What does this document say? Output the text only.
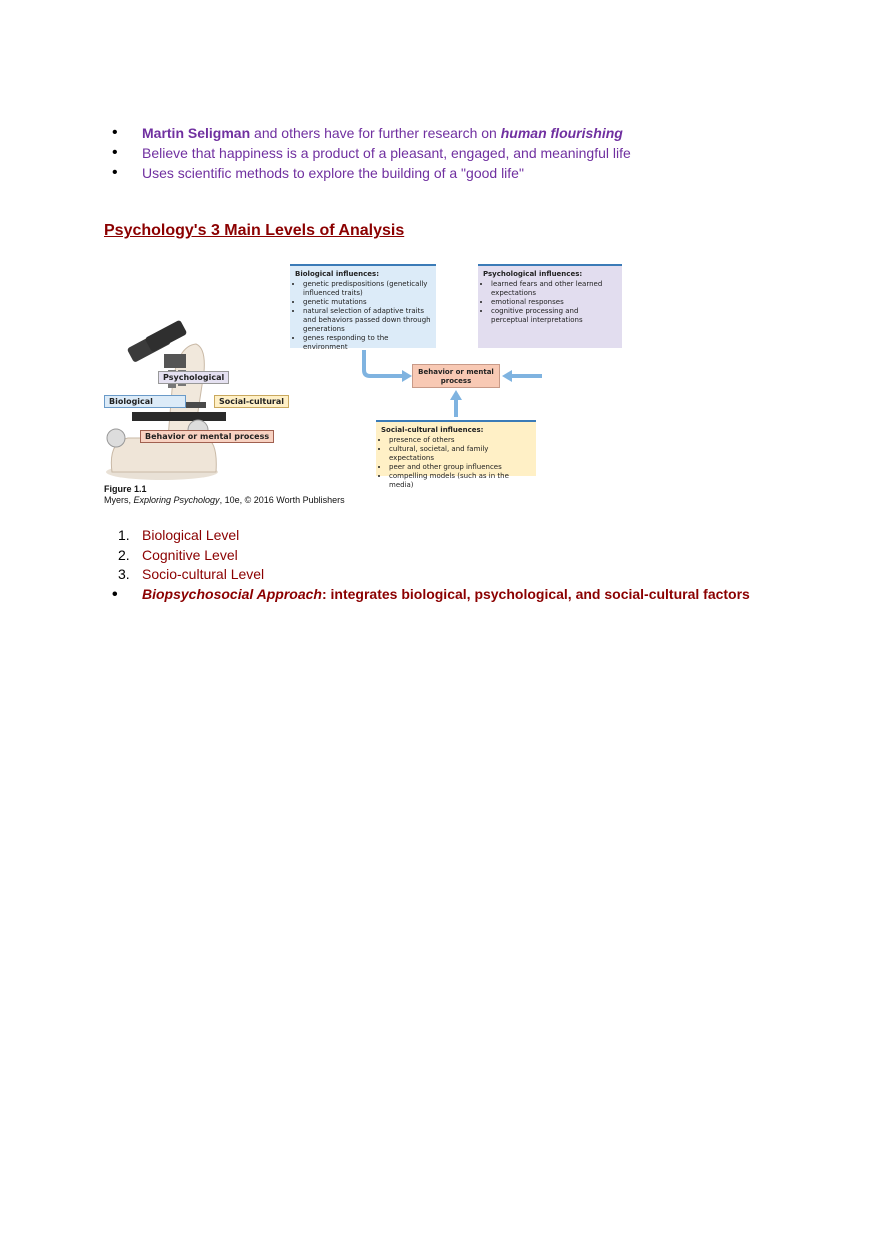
• Martin Seligman and others have for further research on human flourishing
• Believe that happiness is a product of a pleasant, engaged, and meaningful life
• Uses scientific methods to explore the building of a "good life"
Psychology's 3 Main Levels of Analysis
Biological influences:
• genetic predispositions (genetically influenced traits)
• genetic mutations
• natural selection of adaptive traits and behaviors passed down through generations
• genes responding to the environment
Psychological influences:
• learned fears and other learned expectations
• emotional responses
• cognitive processing and perceptual interpretations
Behavior or mental process
Social-cultural influences:
• presence of others
• cultural, societal, and family expectations
• peer and other group influences
• compelling models (such as in the media)
Psychological
Biological	Social-cultural
Behavior or mental process
Figure 1.1
Myers, Exploring Psychology, 10e, © 2016 Worth Publishers
1. Biological Level
2. Cognitive Level
3. Socio-cultural Level
• Biopsychosocial Approach: integrates biological, psychological, and social-cultural factors
